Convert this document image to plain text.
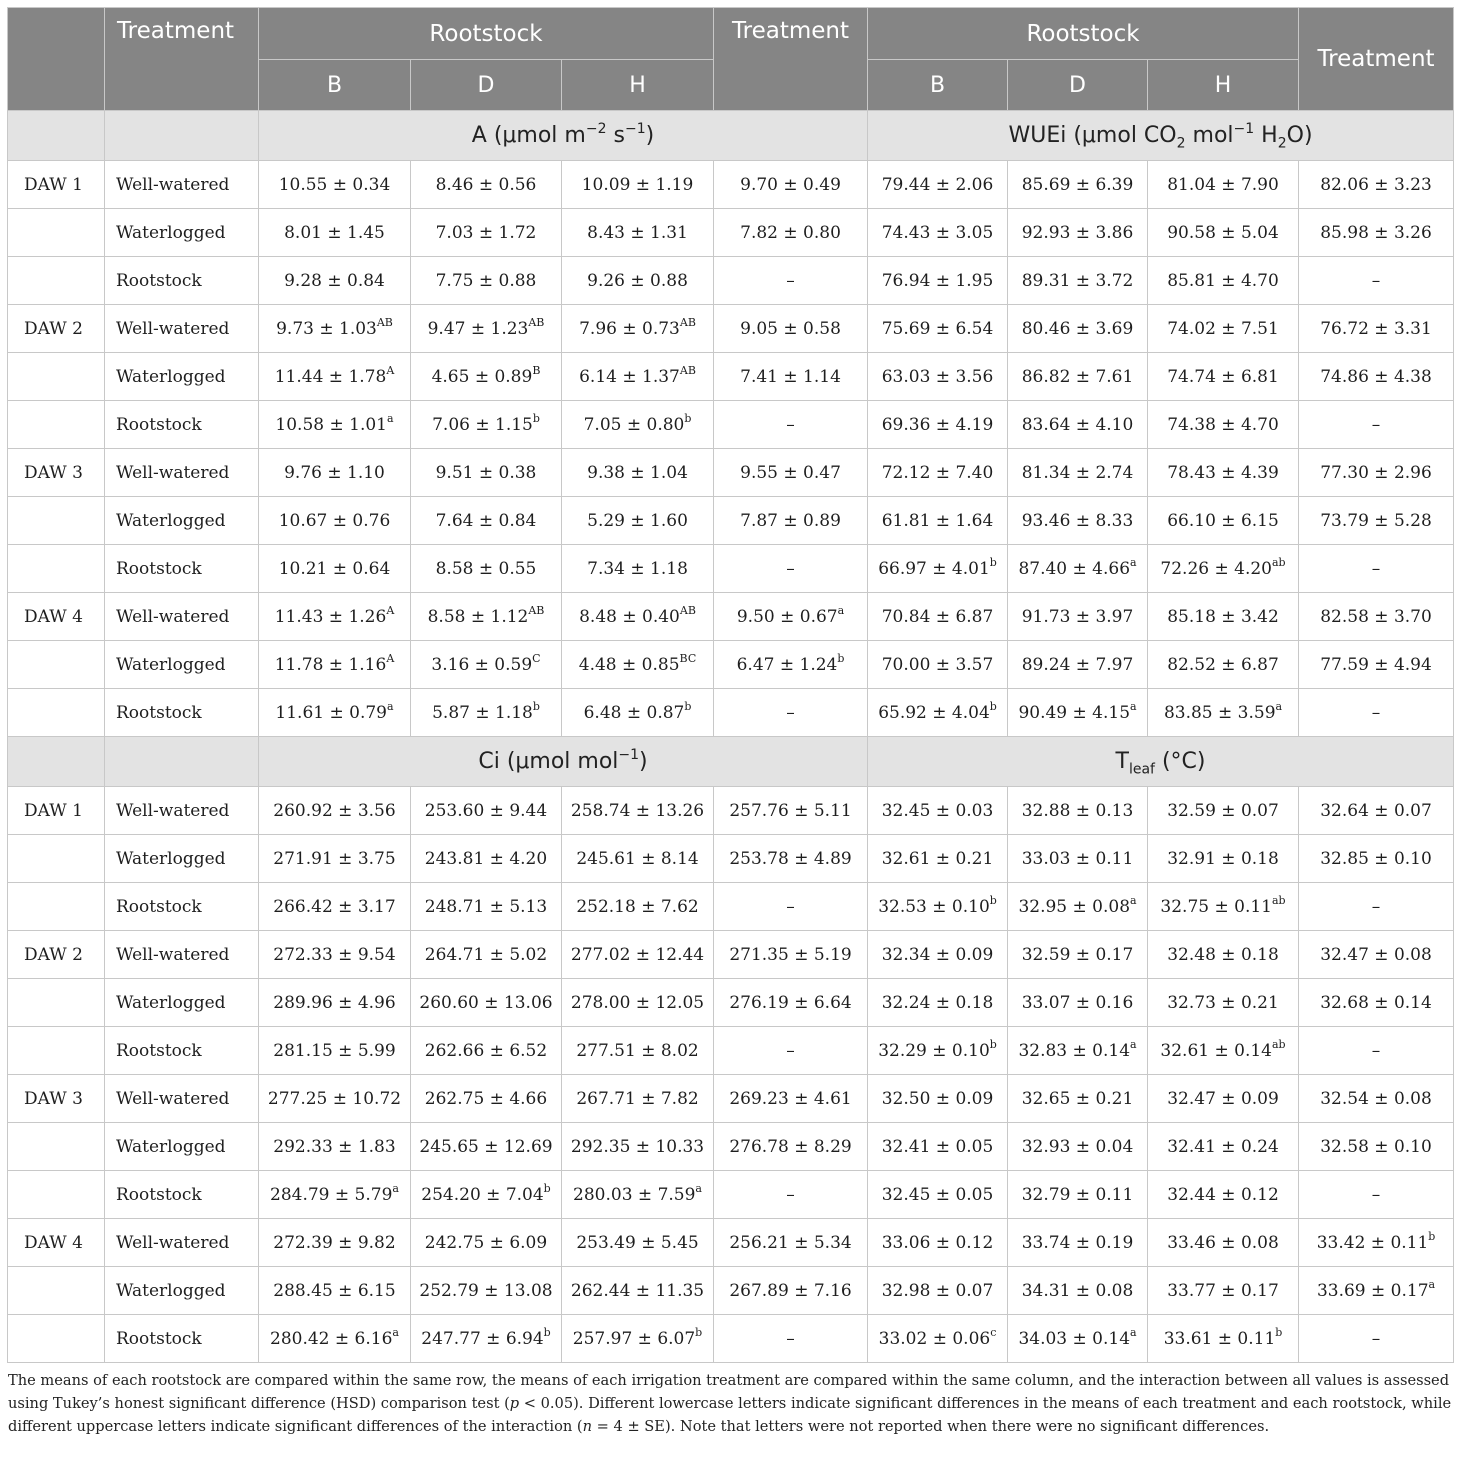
	Treatment	Rootstock			Treatment	Rootstock			Treatment
		B	D	H		B	D	H	
		A (μmol $m^{-2}$ $s^{-1}$)				WUEi (μmol $CO_2$ mol$^{-1}$ $H_2O$)			
DAW 1	Well-watered	10.55 ± 0.34	8.46 ± 0.56	10.09 ± 1.19	9.70 ± 0.49	79.44 ± 2.06	85.69 ± 6.39	81.04 ± 7.90	82.06 ± 3.23
	Waterlogged	8.01 ± 1.45	7.03 ± 1.72	8.43 ± 1.31	7.82 ± 0.80	74.43 ± 3.05	92.93 ± 3.86	90.58 ± 5.04	85.98 ± 3.26
	Rootstock	9.28 ± 0.84	7.75 ± 0.88	9.26 ± 0.88	–	76.94 ± 1.95	89.31 ± 3.72	85.81 ± 4.70	–
DAW 2	Well-watered	$9.73 \pm 1.03^{AB}$	$9.47 \pm 1.23^{AB}$	$7.96 \pm 0.73^{AB}$	9.05 ± 0.58	75.69 ± 6.54	80.46 ± 3.69	74.02 ± 7.51	76.72 ± 3.31
	Waterlogged	$11.44 \pm 1.78^A$	$4.65 \pm 0.89^B$	$6.14 \pm 1.37^{AB}$	7.41 ± 1.14	63.03 ± 3.56	86.82 ± 7.61	74.74 ± 6.81	74.86 ± 4.38
	Rootstock	10.58 ± 1.01$^a$	7.06 ± 1.15$^b$	7.05 ± 0.80$^b$	–	69.36 ± 4.19	83.64 ± 4.10	74.38 ± 4.70	–
DAW 3	Well-watered	9.76 ± 1.10	9.51 ± 0.38	9.38 ± 1.04	9.55 ± 0.47	72.12 ± 7.40	81.34 ± 2.74	78.43 ± 4.39	77.30 ± 2.96
	Waterlogged	10.67 ± 0.76	7.64 ± 0.84	5.29 ± 1.60	7.87 ± 0.89	61.81 ± 1.64	93.46 ± 8.33	66.10 ± 6.15	73.79 ± 5.28
	Rootstock	10.21 ± 0.64	8.58 ± 0.55	7.34 ± 1.18	–	66.97 ± 4.01$^b$	87.40 ± 4.66$^a$	72.26 ± 4.20$^{ab}$	–
DAW 4	Well-watered	$11.43 \pm 1.26^A$	$8.58 \pm 1.12^{AB}$	$8.48 \pm 0.40^{AB}$	9.50 ± 0.67$^a$	70.84 ± 6.87	91.73 ± 3.97	85.18 ± 3.42	82.58 ± 3.70
	Waterlogged	$11.78 \pm 1.16^A$	$3.16 \pm 0.59^C$	$4.48 \pm 0.85^{BC}$	6.47 ± 1.24$^b$	70.00 ± 3.57	89.24 ± 7.97	82.52 ± 6.87	77.59 ± 4.94
	Rootstock	11.61 ± 0.79$^a$	5.87 ± 1.18$^b$	6.48 ± 0.87$^b$	–	65.92 ± 4.04$^b$	90.49 ± 4.15$^a$	83.85 ± 3.59$^a$	–
		Ci (μmol mol$^{-1}$)				$T_{leaf}$ (°C)			
DAW 1	Well-watered	260.92 ± 3.56	253.60 ± 9.44	258.74 ± 13.26	257.76 ± 5.11	32.45 ± 0.03	32.88 ± 0.13	32.59 ± 0.07	32.64 ± 0.07
	Waterlogged	271.91 ± 3.75	243.81 ± 4.20	245.61 ± 8.14	253.78 ± 4.89	32.61 ± 0.21	33.03 ± 0.11	32.91 ± 0.18	32.85 ± 0.10
	Rootstock	266.42 ± 3.17	248.71 ± 5.13	252.18 ± 7.62	–	32.53 ± 0.10$^b$	32.95 ± 0.08$^a$	32.75 ± 0.11$^{ab}$	–
DAW 2	Well-watered	272.33 ± 9.54	264.71 ± 5.02	277.02 ± 12.44	271.35 ± 5.19	32.34 ± 0.09	32.59 ± 0.17	32.48 ± 0.18	32.47 ± 0.08
	Waterlogged	289.96 ± 4.96	260.60 ± 13.06	278.00 ± 12.05	276.19 ± 6.64	32.24 ± 0.18	33.07 ± 0.16	32.73 ± 0.21	32.68 ± 0.14
	Rootstock	281.15 ± 5.99	262.66 ± 6.52	277.51 ± 8.02	–	32.29 ± 0.10$^b$	32.83 ± 0.14$^a$	32.61 ± 0.14$^{ab}$	–
DAW 3	Well-watered	277.25 ± 10.72	262.75 ± 4.66	267.71 ± 7.82	269.23 ± 4.61	32.50 ± 0.09	32.65 ± 0.21	32.47 ± 0.09	32.54 ± 0.08
	Waterlogged	292.33 ± 1.83	245.65 ± 12.69	292.35 ± 10.33	276.78 ± 8.29	32.41 ± 0.05	32.93 ± 0.04	32.41 ± 0.24	32.58 ± 0.10
	Rootstock	284.79 ± 5.79$^a$	254.20 ± 7.04$^b$	280.03 ± 7.59$^a$	–	32.45 ± 0.05	32.79 ± 0.11	32.44 ± 0.12	–
DAW 4	Well-watered	272.39 ± 9.82	242.75 ± 6.09	253.49 ± 5.45	256.21 ± 5.34	33.06 ± 0.12	33.74 ± 0.19	33.46 ± 0.08	33.42 ± 0.11$^b$
	Waterlogged	288.45 ± 6.15	252.79 ± 13.08	262.44 ± 11.35	267.89 ± 7.16	32.98 ± 0.07	34.31 ± 0.08	33.77 ± 0.17	33.69 ± 0.17$^a$
	Rootstock	280.42 ± 6.16$^a$	247.77 ± 6.94$^b$	257.97 ± 6.07$^b$	–	33.02 ± 0.06$^c$	34.03 ± 0.14$^a$	33.61 ± 0.11$^b$	–
The means of each rootstock are compared within the same row, the means of each irrigation treatment are compared within the same column, and the interaction between all values is assessed using Tukey’s honest significant difference (HSD) comparison test (p < 0.05). Different lowercase letters indicate significant differences in the means of each treatment and each rootstock, while different uppercase letters indicate significant differences of the interaction (n = 4 ± SE). Note that letters were not reported when there were no significant differences.
